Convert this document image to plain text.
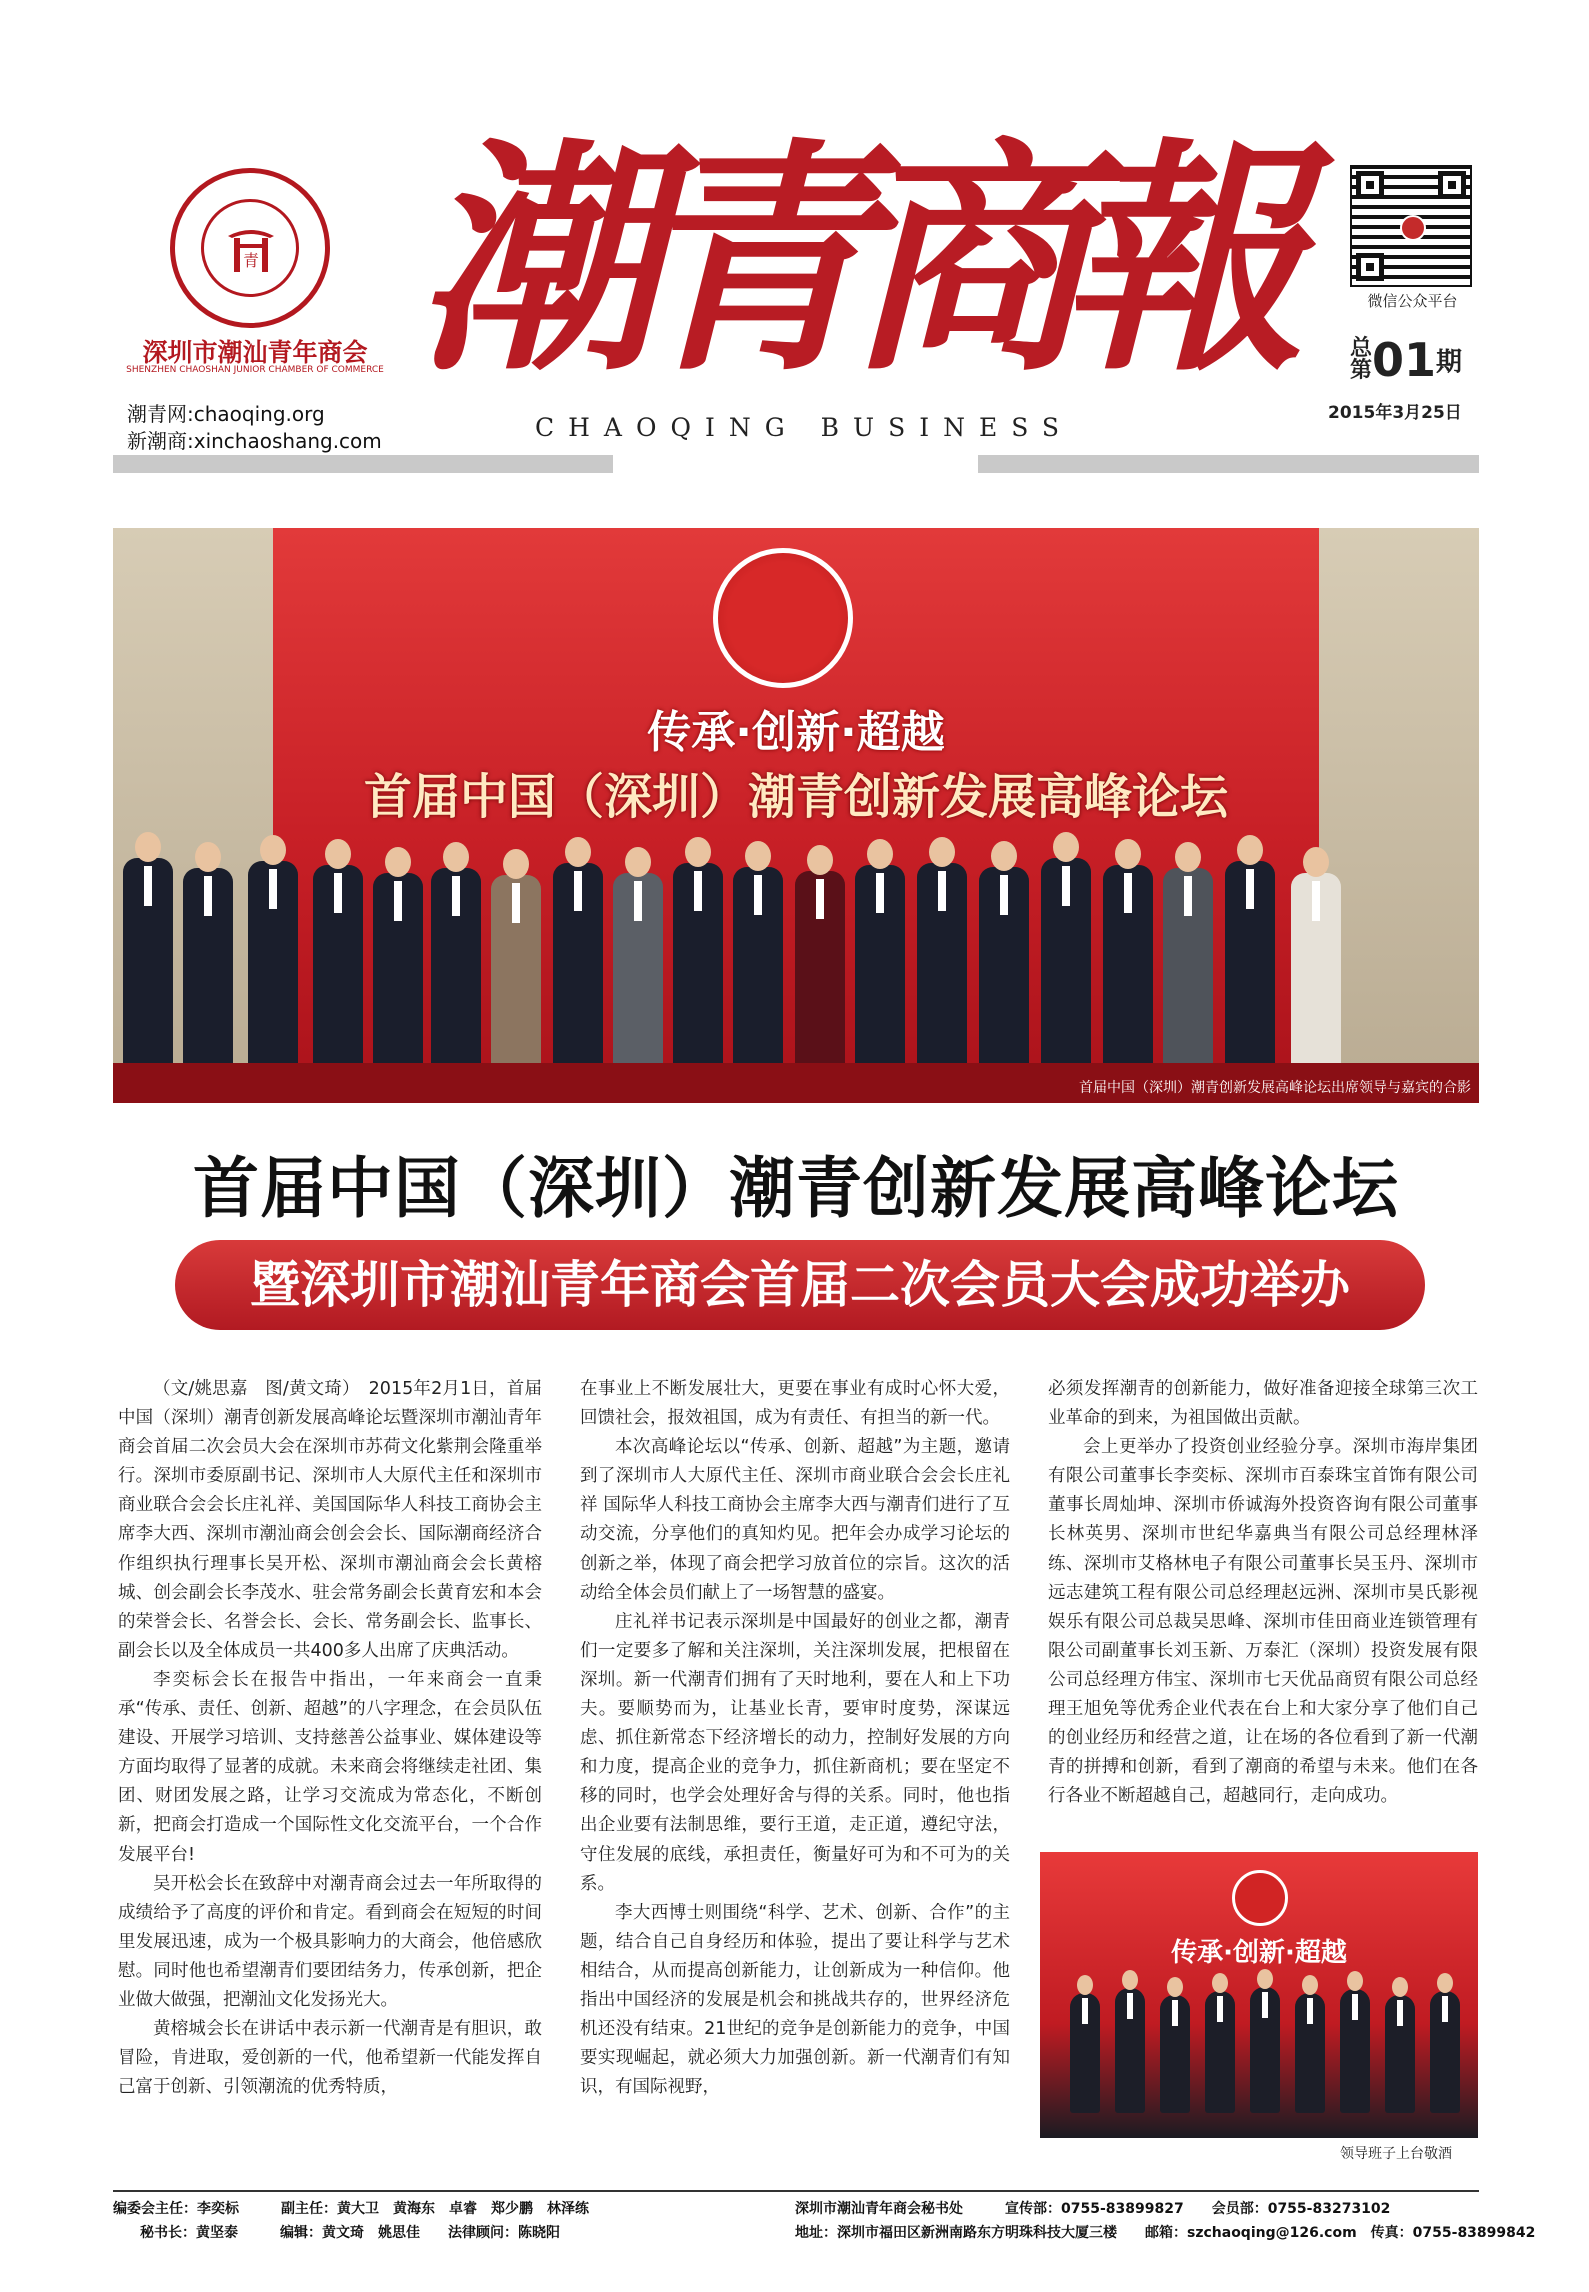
青
深圳市潮汕青年商会
SHENZHEN CHAOSHAN JUNIOR CHAMBER OF COMMERCE
潮青网:chaoqing.org
新潮商:xinchaoshang.com
潮
青
商
報
CHAOQING BUSINESS
微信公众平台
总第01期
2015年3月25日
传承·创新·超越
首届中国（深圳）潮青创新发展高峰论坛
首届中国（深圳）潮青创新发展高峰论坛出席领导与嘉宾的合影
首届中国（深圳）潮青创新发展高峰论坛
暨深圳市潮汕青年商会首届二次会员大会成功举办

（文/姚思嘉　图/黄文琦）　2015年2月1日，首届中国（深圳）潮青创新发展高峰论坛暨深圳市潮汕青年商会首届二次会员大会在深圳市苏荷文化紫荆会隆重举行。深圳市委原副书记、深圳市人大原代主任和深圳市商业联合会会长庄礼祥、美国国际华人科技工商协会主席李大西、深圳市潮汕商会创会会长、国际潮商经济合作组织执行理事长吴开松、深圳市潮汕商会会长黄榕城、创会副会长李茂水、驻会常务副会长黄育宏和本会的荣誉会长、名誉会长、会长、常务副会长、监事长、副会长以及全体成员一共400多人出席了庆典活动。

李奕标会长在报告中指出，一年来商会一直秉承“传承、责任、创新、超越”的八字理念，在会员队伍建设、开展学习培训、支持慈善公益事业、媒体建设等方面均取得了显著的成就。未来商会将继续走社团、集团、财团发展之路，让学习交流成为常态化，不断创新，把商会打造成一个国际性文化交流平台，一个合作发展平台!

吴开松会长在致辞中对潮青商会过去一年所取得的成绩给予了高度的评价和肯定。看到商会在短短的时间里发展迅速，成为一个极具影响力的大商会，他倍感欣慰。同时他也希望潮青们要团结务力，传承创新，把企业做大做强，把潮汕文化发扬光大。

黄榕城会长在讲话中表示新一代潮青是有胆识，敢冒险，肯进取，爱创新的一代，他希望新一代能发挥自己富于创新、引领潮流的优秀特质，

在事业上不断发展壮大，更要在事业有成时心怀大爱，回馈社会，报效祖国，成为有责任、有担当的新一代。

本次高峰论坛以“传承、创新、超越”为主题，邀请到了深圳市人大原代主任、深圳市商业联合会会长庄礼祥 国际华人科技工商协会主席李大西与潮青们进行了互动交流，分享他们的真知灼见。把年会办成学习论坛的创新之举，体现了商会把学习放首位的宗旨。这次的活动给全体会员们献上了一场智慧的盛宴。

庄礼祥书记表示深圳是中国最好的创业之都，潮青们一定要多了解和关注深圳，关注深圳发展，把根留在深圳。新一代潮青们拥有了天时地利，要在人和上下功夫。要顺势而为，让基业长青，要审时度势，深谋远虑、抓住新常态下经济增长的动力，控制好发展的方向和力度，提高企业的竞争力，抓住新商机；要在坚定不移的同时，也学会处理好舍与得的关系。同时，他也指出企业要有法制思维，要行王道，走正道，遵纪守法，守住发展的底线，承担责任，衡量好可为和不可为的关系。

李大西博士则围绕“科学、艺术、创新、合作”的主题，结合自己自身经历和体验，提出了要让科学与艺术相结合，从而提高创新能力，让创新成为一种信仰。他指出中国经济的发展是机会和挑战共存的，世界经济危机还没有结束。21世纪的竞争是创新能力的竞争，中国要实现崛起，就必须大力加强创新。新一代潮青们有知识，有国际视野，

必须发挥潮青的创新能力，做好准备迎接全球第三次工业革命的到来，为祖国做出贡献。

会上更举办了投资创业经验分享。深圳市海岸集团有限公司董事长李奕标、深圳市百泰珠宝首饰有限公司董事长周灿坤、深圳市侨诚海外投资咨询有限公司董事长林英男、深圳市世纪华嘉典当有限公司总经理林泽练、深圳市艾格林电子有限公司董事长吴玉丹、深圳市远志建筑工程有限公司总经理赵远洲、深圳市昊氏影视娱乐有限公司总裁吴思峰、深圳市佳田商业连锁管理有限公司副董事长刘玉新、万泰汇（深圳）投资发展有限公司总经理方伟宝、深圳市七天优品商贸有限公司总经理王旭免等优秀企业代表在台上和大家分享了他们自己的创业经历和经营之道，让在场的各位看到了新一代潮青的拼搏和创新，看到了潮商的希望与未来。他们在各行各业不断超越自己，超越同行，走向成功。

传承·创新·超越
领导班子上台敬酒
编委会主任：李奕标　　　副主任：黄大卫　黄海东　卓睿　郑少鹏　林泽练
秘书长：黄坚泰　　　编辑：黄文琦　姚思佳　　法律顾问：陈晓阳
深圳市潮汕青年商会秘书处　　　宣传部：0755-83899827　　会员部：0755-83273102
地址：深圳市福田区新洲南路东方明珠科技大厦三楼　　邮箱：szchaoqing@126.com　传真：0755-83899842
